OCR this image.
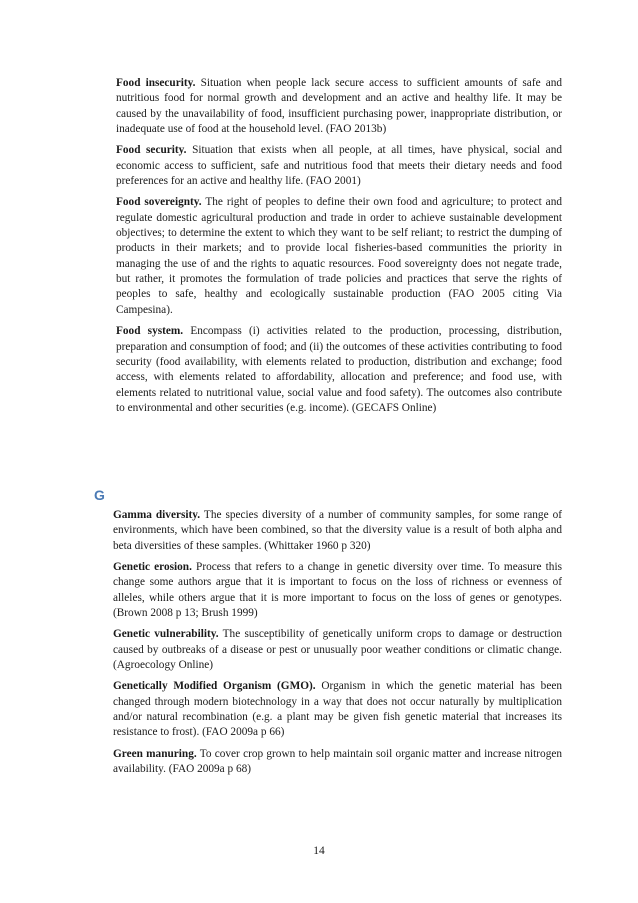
Food insecurity. Situation when people lack secure access to sufficient amounts of safe and nutritious food for normal growth and development and an active and healthy life. It may be caused by the unavailability of food, insufficient purchasing power, inappropriate distribution, or inadequate use of food at the household level. (FAO 2013b)

Food security. Situation that exists when all people, at all times, have physical, social and economic access to sufficient, safe and nutritious food that meets their dietary needs and food preferences for an active and healthy life. (FAO 2001)

Food sovereignty. The right of peoples to define their own food and agriculture; to protect and regulate domestic agricultural production and trade in order to achieve sustainable development objectives; to determine the extent to which they want to be self reliant; to restrict the dumping of products in their markets; and to provide local fisheries-based communities the priority in managing the use of and the rights to aquatic resources. Food sovereignty does not negate trade, but rather, it promotes the formulation of trade policies and practices that serve the rights of peoples to safe, healthy and ecologically sustainable production (FAO 2005 citing Via Campesina).

Food system. Encompass (i) activities related to the production, processing, distribution, preparation and consumption of food; and (ii) the outcomes of these activities contributing to food security (food availability, with elements related to production, distribution and exchange; food access, with elements related to affordability, allocation and preference; and food use, with elements related to nutritional value, social value and food safety). The outcomes also contribute to environmental and other securities (e.g. income). (GECAFS Online)

G

Gamma diversity. The species diversity of a number of community samples, for some range of environments, which have been combined, so that the diversity value is a result of both alpha and beta diversities of these samples. (Whittaker 1960 p 320)

Genetic erosion. Process that refers to a change in genetic diversity over time. To measure this change some authors argue that it is important to focus on the loss of richness or evenness of alleles, while others argue that it is more important to focus on the loss of genes or genotypes. (Brown 2008 p 13; Brush 1999)

Genetic vulnerability. The susceptibility of genetically uniform crops to damage or destruction caused by outbreaks of a disease or pest or unusually poor weather conditions or climatic change. (Agroecology Online)

Genetically Modified Organism (GMO). Organism in which the genetic material has been changed through modern biotechnology in a way that does not occur naturally by multiplication and/or natural recombination (e.g. a plant may be given fish genetic material that increases its resistance to frost). (FAO 2009a p 66)

Green manuring. To cover crop grown to help maintain soil organic matter and increase nitrogen availability. (FAO 2009a p 68)

14
